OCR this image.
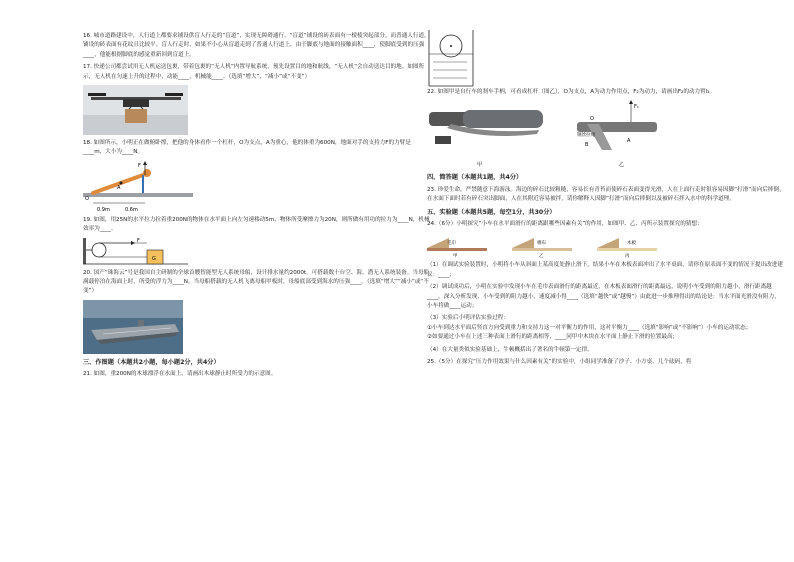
16. 城市道路建设中，人行道上都要求铺设供盲人行走的“盲道”，实现无障碍通行。“盲道”铺设的砖表面有一棱棱突起部分，而普通人行道，铺设的砖表面有花纹且比较平。盲人行走时，如果不小心从盲道走到了普通人行道上，由于脚底与地面的接触面积____，使脚底受到的压强____，他能根据脚底的感觉重新回到盲道上。

17. 快递公司都尝试用无人机运送包裹，带着包裹的“无人机”内置导航系统，预先设置目的地和航线，“无人机”会自动送达目的地。如图所示，无人机在匀速上升的过程中，动能____，机械能____。（选填“增大”、“减小”或“不变”）

18. 如图所示，小明正在做俯卧撑，把他的身体看作一个杠杆，O为支点，A为重心，他的体重为600N，地面对手的支持力F的力臂是____m，大小为____N。

F
A
O
0.9m	0.6m

19. 如图，用25N的水平拉力拉着重200N的物体在水平面上向左匀速移动5m，物体所受摩擦力为20N，则所做有用功的拉力为____N，机械效率为____。

F
G

20. 国产“珠海云”号是我国自主研制的全球首艘智能型无人系统母船，设计排水量约2000t，可搭载数十台空、海、潜无人系统装备。当母船满载停泊在海面上时，所受的浮力为____N。当母船搭载的无人机飞离母船甲板时，母船底部受到海水的压强____。（选填“增大”“减小”或“不变”）

三、作图题（本题共2小题，每小题2分，共4分）

21. 如图，重200N的木球漂浮在水面上，请画出木球静止时所受力的示意图。

22. 如图甲是自行车的刹车手柄，可看成杠杆（图乙），O为支点，A为动力作用点，F₂为动力，请画出F₂的动力臂l₂。

甲
F₁
O
A
B
钢丝拉绳
乙

四、简答题（本题共1题，共4分）

23. 珍爱生命，严禁随意下海游泳。海边的碎石比较粗糙，容易长有青苔而使碎石表面变得光滑，人在上面行走时很容易因脚“打滑”而向后摔倒。在水面下面时若有碎石突出脚面，人在其附近容易被拌，请你解释人因脚“打滑”而向后摔倒以及被碎石拌入水中的科学道理。

五、实验题（本题共5题，每空1分，共30分）

24.（6分）小明探究“小车在水平面滑行的距离跟哪些因素有关”的作用，如图甲、乙、丙所示装置探究的猜想：

毛巾	棉布	木板
甲	乙	丙

（1）在调试实验装置时，小明将小车从斜面上某高度处静止滑下，结果小车在木板表面冲出了水平桌面，请你在原表面不变的情况下提出改进建议：____；

（2）调试成功后，小明在实验中发现小车在毛巾表面滑行的距离最近，在木板表面滑行的距离最远，说明小车受到的阻力越小，滑行距离越____。深入分析发现，小车受到的阻力越小，速度减小得____（选填“越快”或“越慢”）由此进一步推理得出的结论是：当水平面光滑没有阻力，小车将做____运动；

（3）实验后小明评估实验过程：

①小车到达水平面后竖直方向受到重力和支持力这一对平衡力的作用，这对平衡力____（选填“影响”或“不影响”）小车的运动状态；

②如要通过小车在上述三种表面上滑行的距离相等，____同甲中木块在水平面上静止下滑的位置最高；

（4）在大量类似实验基础上，牛顿概括出了著名的牛顿第一定律。

25.（5分）在探究“压力作用效果与什么因素有关”的实验中，小组同学准备了沙子、小方桌、几个砝码，将
